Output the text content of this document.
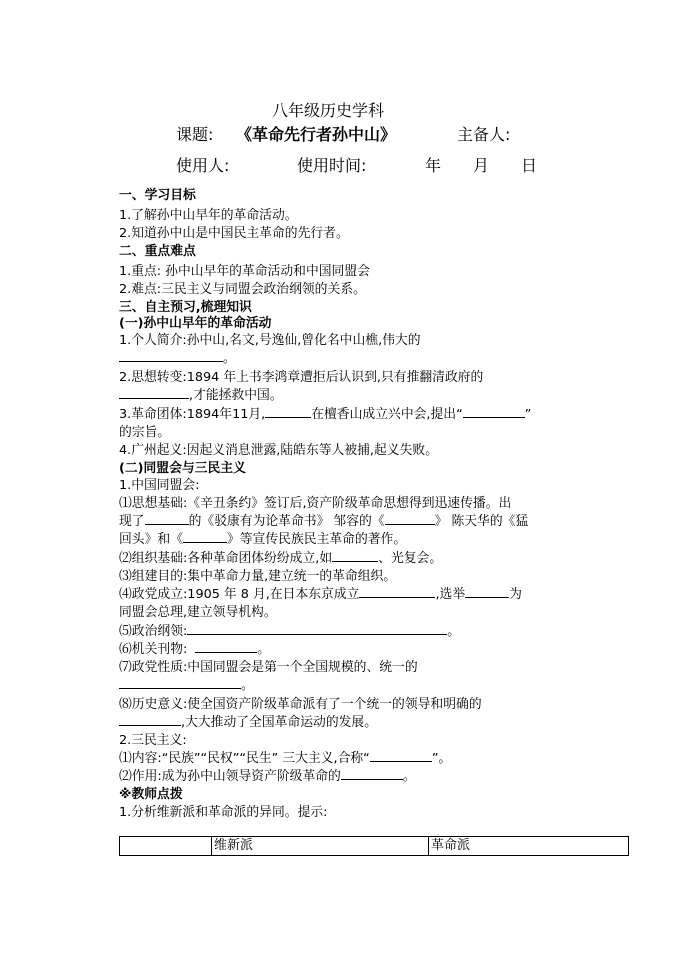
八年级历史学科
课题: 《革命先行者孙中山》	主备人:
使用人:	使用时间:	年 月 日
一、学习目标
1.了解孙中山早年的革命活动。
2.知道孙中山是中国民主革命的先行者。
二、重点难点
1.重点: 孙中山早年的革命活动和中国同盟会
2.难点:三民主义与同盟会政治纲领的关系。
三、自主预习,梳理知识
(一)孙中山早年的革命活动
1.个人简介:孙中山,名文,号逸仙,曾化名中山樵,伟大的
。
2.思想转变:1894 年上书李鸿章遭拒后认识到,只有推翻清政府的
,才能拯救中国。
3.革命团体:1894年11月,	在檀香山成立兴中会,提出“	”
的宗旨。
4.广州起义:因起义消息泄露,陆皓东等人被捕,起义失败。
(二)同盟会与三民主义
1.中国同盟会:
⑴思想基础:《辛丑条约》签订后,资产阶级革命思想得到迅速传播。出
现了	的《驳康有为论革命书》 邹容的《	》 陈天华的《猛
回头》和《	》等宣传民族民主革命的著作。
⑵组织基础:各种革命团体纷纷成立,如	、光复会。
⑶组建目的:集中革命力量,建立统一的革命组织。
⑷政党成立:1905 年 8 月,在日本东京成立	,选举	为
同盟会总理,建立领导机构。
⑸政治纲领:	。
⑹机关刊物:	。
⑺政党性质:中国同盟会是第一个全国规模的、统一的
。
⑻历史意义:使全国资产阶级革命派有了一个统一的领导和明确的
,大大推动了全国革命运动的发展。
2.三民主义:
⑴内容:“民族”“民权”“民生” 三大主义,合称“	”。
⑵作用:成为孙中山领导资产阶级革命的	。
※教师点拨
1.分析维新派和革命派的异同。提示:
	维新派	革命派
